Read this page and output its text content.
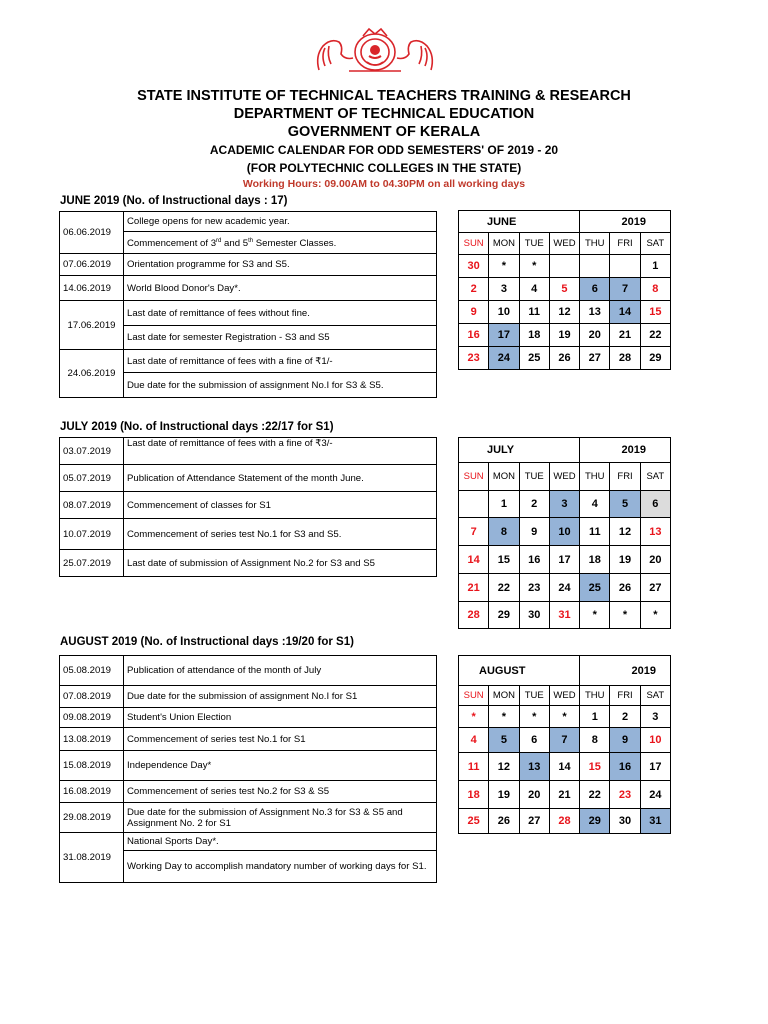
STATE INSTITUTE OF TECHNICAL TEACHERS TRAINING & RESEARCH

DEPARTMENT OF TECHNICAL EDUCATION

GOVERNMENT OF KERALA

ACADEMIC CALENDAR FOR ODD SEMESTERS' OF 2019 - 20

(FOR POLYTECHNIC COLLEGES IN THE STATE)

Working Hours: 09.00AM to 04.30PM on all working days

JUNE 2019 (No. of Instructional days : 17)
06.06.2019	College opens for new academic year.
	Commencement of 3rd and 5th Semester Classes.
07.06.2019	Orientation programme for S3 and S5.
14.06.2019	World Blood Donor's Day*.
17.06.2019	Last date of remittance of fees without fine.
	Last date for semester Registration - S3 and S5
24.06.2019	Last date of remittance of fees with a fine of ₹1/-
	Due date for the submission of assignment No.I for S3 & S5.
JUNE				2019		
SUN	MON	TUE	WED	THU	FRI	SAT
30	*	*				1
2	3	4	5	6	7	8
9	10	11	12	13	14	15
16	17	18	19	20	21	22
23	24	25	26	27	28	29
JULY 2019 (No. of Instructional days :22/17 for S1)
03.07.2019	Last date of remittance of fees with a fine of ₹3/-
05.07.2019	Publication of Attendance Statement of the month June.
08.07.2019	Commencement of classes for S1
10.07.2019	Commencement of series test No.1 for S3 and S5.
25.07.2019	Last date of submission of Assignment No.2 for S3 and S5
JULY				2019		
SUN	MON	TUE	WED	THU	FRI	SAT
	1	2	3	4	5	6
7	8	9	10	11	12	13
14	15	16	17	18	19	20
21	22	23	24	25	26	27
28	29	30	31	*	*	*
AUGUST 2019 (No. of Instructional days :19/20 for S1)
05.08.2019	Publication of attendance of the month of July
07.08.2019	Due date for the submission of assignment No.I for S1
09.08.2019	Student's Union Election
13.08.2019	Commencement of series test No.1 for S1
15.08.2019	Independence Day*
16.08.2019	Commencement of series test No.2 for S3 & S5
29.08.2019	Due date for the submission of Assignment No.3 for S3 & S5 and Assignment No. 2 for S1
31.08.2019	National Sports Day*.
	Working Day to accomplish mandatory number of working days for S1.
AUGUST				2019		
SUN	MON	TUE	WED	THU	FRI	SAT
*	*	*	*	1	2	3
4	5	6	7	8	9	10
11	12	13	14	15	16	17
18	19	20	21	22	23	24
25	26	27	28	29	30	31
